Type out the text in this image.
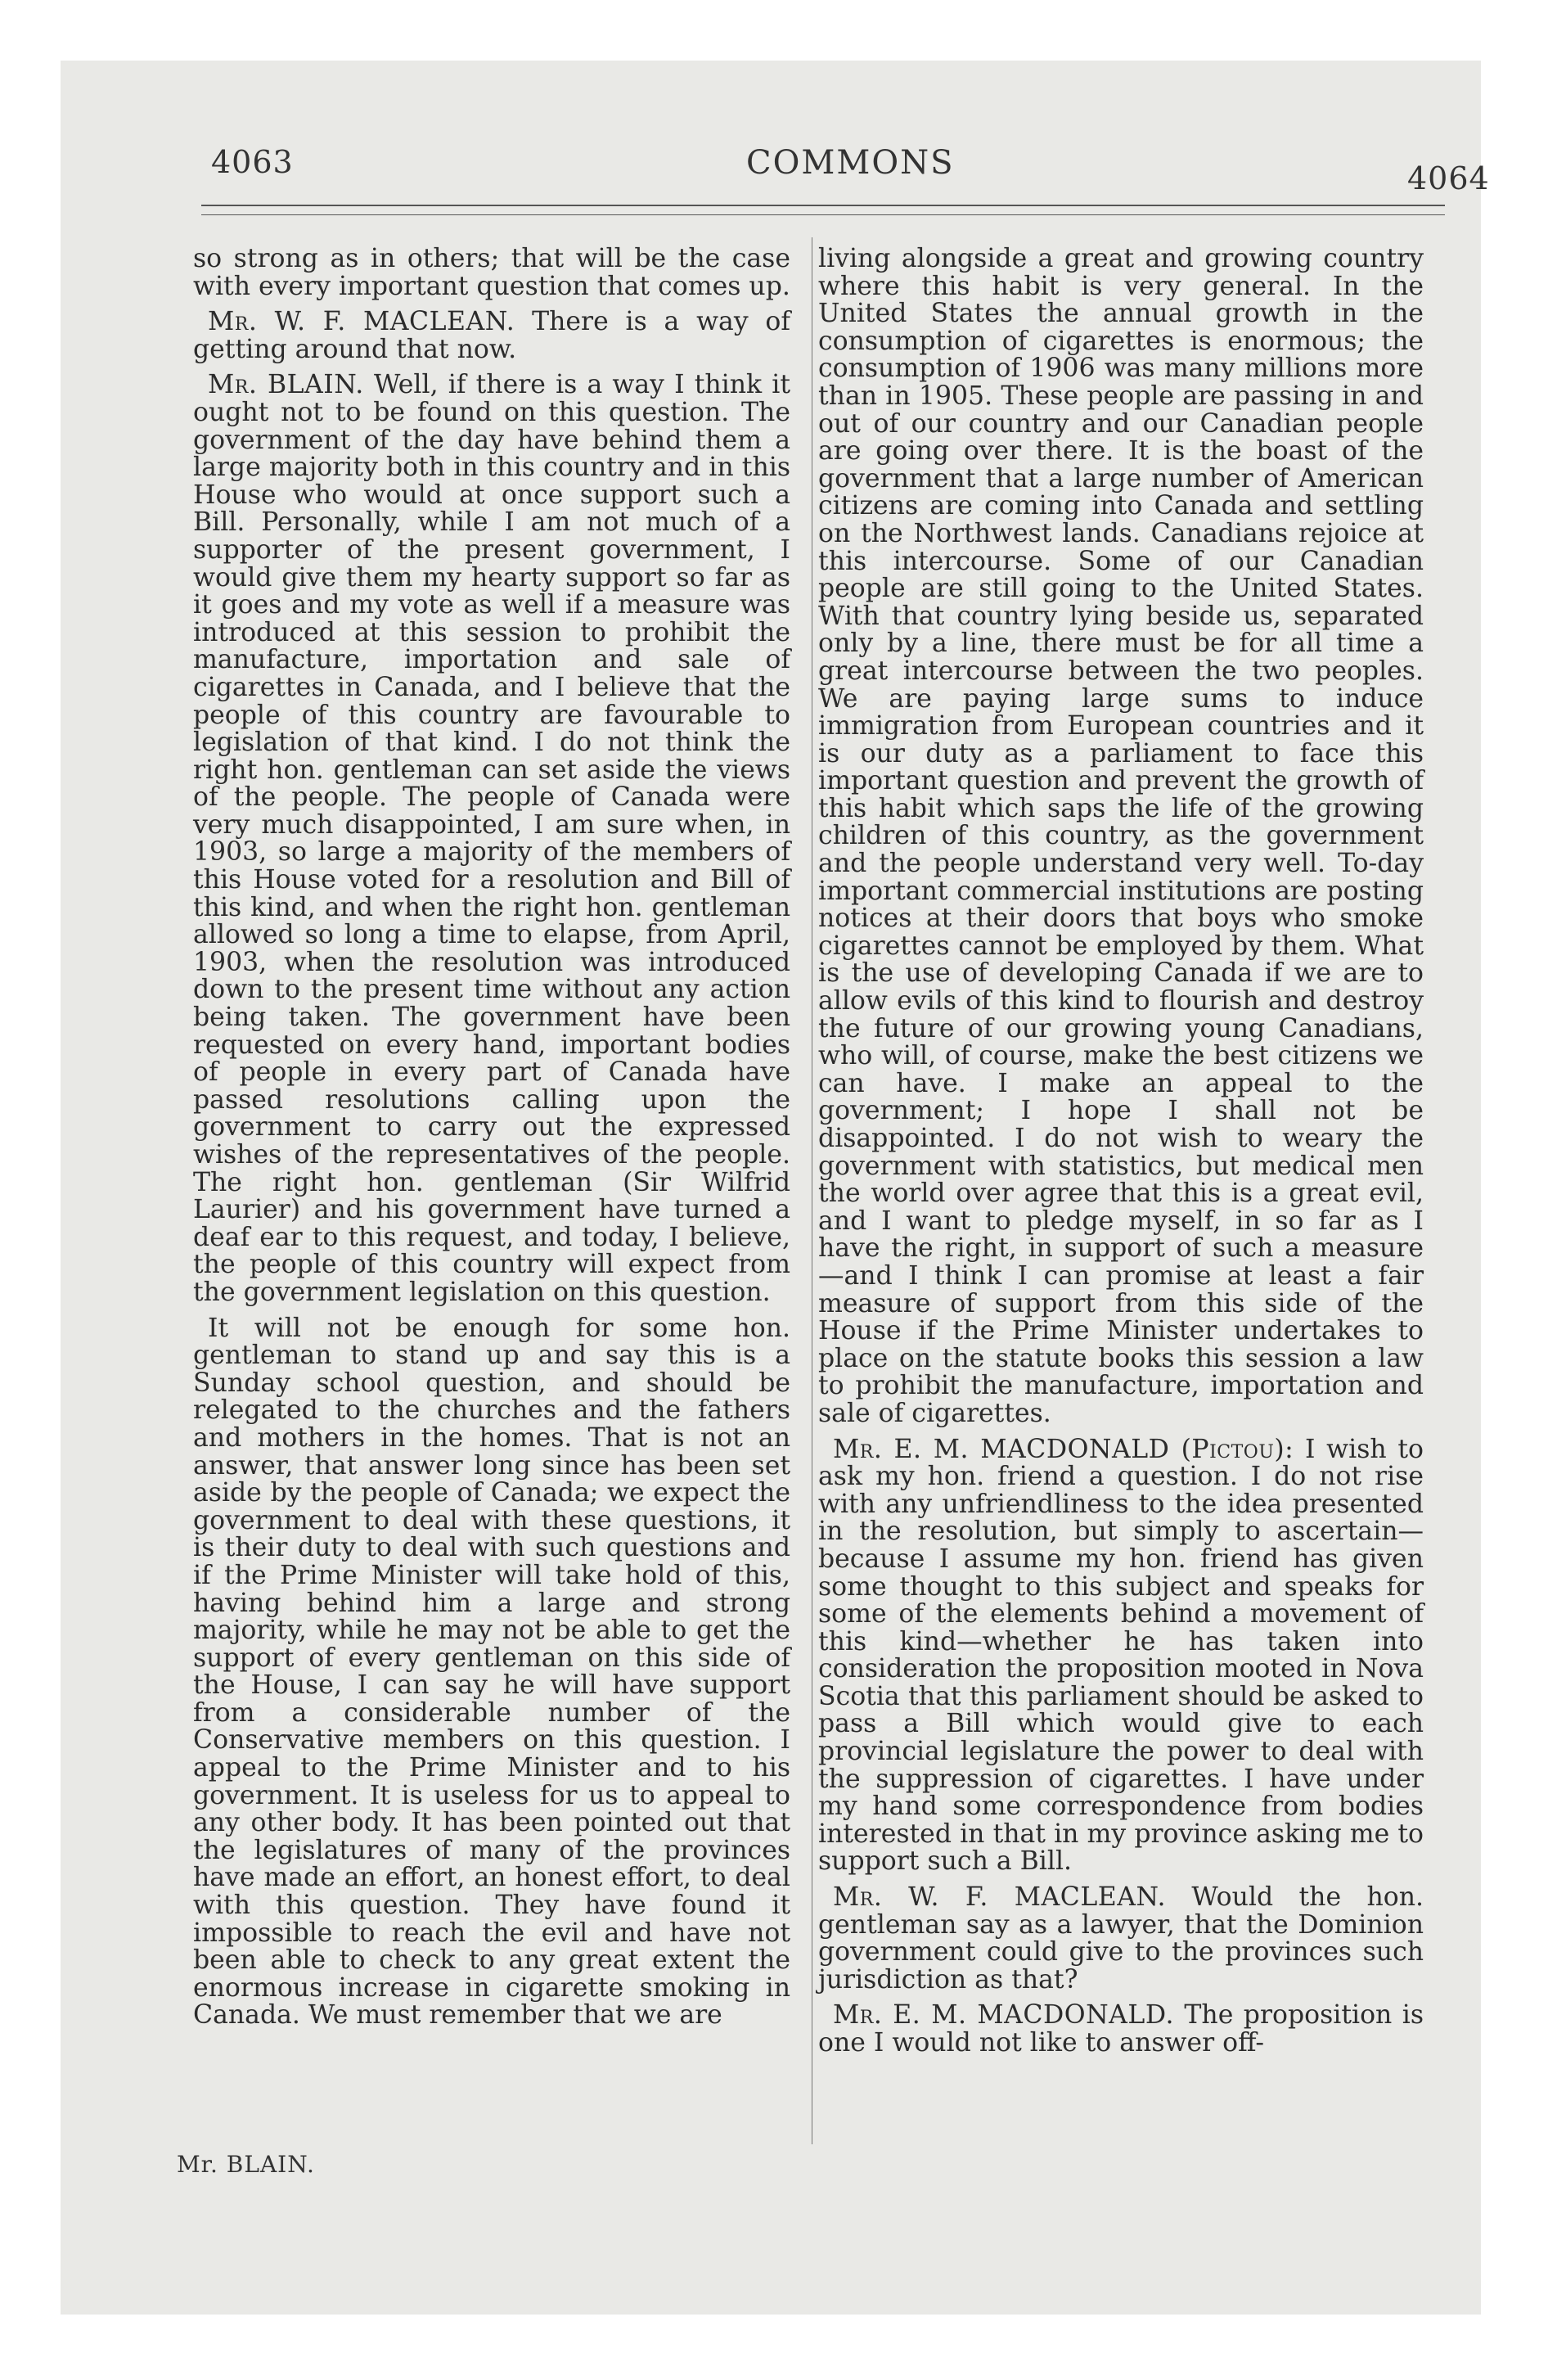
4063	COMMONS	4064

so strong as in others; that will be the case with every important question that comes up.

Mr. W. F. MACLEAN. There is a way of getting around that now.

Mr. BLAIN. Well, if there is a way I think it ought not to be found on this question. The government of the day have behind them a large majority both in this country and in this House who would at once support such a Bill. Personally, while I am not much of a supporter of the present government, I would give them my hearty support so far as it goes and my vote as well if a measure was introduced at this session to prohibit the manufacture, importation and sale of cigarettes in Canada, and I believe that the people of this country are favourable to legislation of that kind. I do not think the right hon. gentleman can set aside the views of the people. The people of Canada were very much disappointed, I am sure when, in 1903, so large a majority of the members of this House voted for a resolution and Bill of this kind, and when the right hon. gentleman allowed so long a time to elapse, from April, 1903, when the resolution was introduced down to the present time without any action being taken. The government have been requested on every hand, important bodies of people in every part of Canada have passed resolutions calling upon the government to carry out the expressed wishes of the representatives of the people. The right hon. gentleman (Sir Wilfrid Laurier) and his government have turned a deaf ear to this request, and today, I believe, the people of this country will expect from the government legislation on this question.

It will not be enough for some hon. gentleman to stand up and say this is a Sunday school question, and should be relegated to the churches and the fathers and mothers in the homes. That is not an answer, that answer long since has been set aside by the people of Canada; we expect the government to deal with these questions, it is their duty to deal with such questions and if the Prime Minister will take hold of this, having behind him a large and strong majority, while he may not be able to get the support of every gentleman on this side of the House, I can say he will have support from a considerable number of the Conservative members on this question. I appeal to the Prime Minister and to his government. It is useless for us to appeal to any other body. It has been pointed out that the legislatures of many of the provinces have made an effort, an honest effort, to deal with this question. They have found it impossible to reach the evil and have not been able to check to any great extent the enormous increase in cigarette smoking in Canada. We must remember that we are

living alongside a great and growing country where this habit is very general. In the United States the annual growth in the consumption of cigarettes is enormous; the consumption of 1906 was many millions more than in 1905. These people are passing in and out of our country and our Canadian people are going over there. It is the boast of the government that a large number of American citizens are coming into Canada and settling on the Northwest lands. Canadians rejoice at this intercourse. Some of our Canadian people are still going to the United States. With that country lying beside us, separated only by a line, there must be for all time a great intercourse between the two peoples. We are paying large sums to induce immigration from European countries and it is our duty as a parliament to face this important question and prevent the growth of this habit which saps the life of the growing children of this country, as the government and the people understand very well. To-day important commercial institutions are posting notices at their doors that boys who smoke cigarettes cannot be employed by them. What is the use of developing Canada if we are to allow evils of this kind to flourish and destroy the future of our growing young Canadians, who will, of course, make the best citizens we can have. I make an appeal to the government; I hope I shall not be disappointed. I do not wish to weary the government with statistics, but medical men the world over agree that this is a great evil, and I want to pledge myself, in so far as I have the right, in support of such a measure—and I think I can promise at least a fair measure of support from this side of the House if the Prime Minister undertakes to place on the statute books this session a law to prohibit the manufacture, importation and sale of cigarettes.

Mr. E. M. MACDONALD (Pictou): I wish to ask my hon. friend a question. I do not rise with any unfriendliness to the idea presented in the resolution, but simply to ascertain—because I assume my hon. friend has given some thought to this subject and speaks for some of the elements behind a movement of this kind—whether he has taken into consideration the proposition mooted in Nova Scotia that this parliament should be asked to pass a Bill which would give to each provincial legislature the power to deal with the suppression of cigarettes. I have under my hand some correspondence from bodies interested in that in my province asking me to support such a Bill.

Mr. W. F. MACLEAN. Would the hon. gentleman say as a lawyer, that the Dominion government could give to the provinces such jurisdiction as that?

Mr. E. M. MACDONALD. The proposition is one I would not like to answer off-

Mr. BLAIN.
